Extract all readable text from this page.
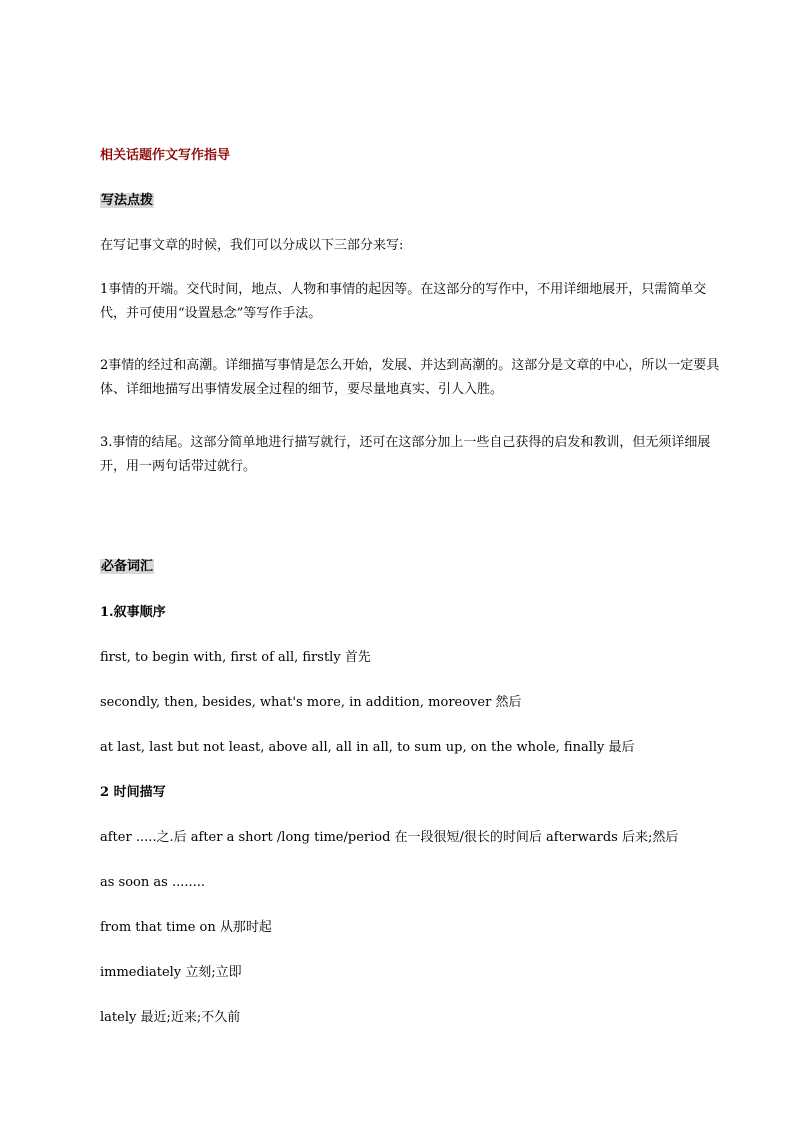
相关话题作文写作指导
写法点拨
在写记事文章的时候，我们可以分成以下三部分来写:
1事情的开端。交代时间，地点、人物和事情的起因等。在这部分的写作中，不用详细地展开，只需简单交代，并可使用“设置悬念”等写作手法。
2事情的经过和高潮。详细描写事情是怎么开始，发展、并达到高潮的。这部分是文章的中心，所以一定要具体、详细地描写出事情发展全过程的细节，要尽量地真实、引人入胜。
3.事情的结尾。这部分简单地进行描写就行，还可在这部分加上一些自己获得的启发和教训，但无须详细展开，用一两句话带过就行。
必备词汇
1.叙事顺序
first, to begin with, first of all, firstly 首先
secondly, then, besides, what's more, in addition, moreover 然后
at last, last but not least, above all, all in all, to sum up, on the whole, finally 最后
2 时间描写
after .....之.后 after a short /long time/period 在一段很短/很长的时间后 afterwards 后来;然后
as soon as ........
from that time on 从那时起
immediately 立刻;立即
lately 最近;近来;不久前
